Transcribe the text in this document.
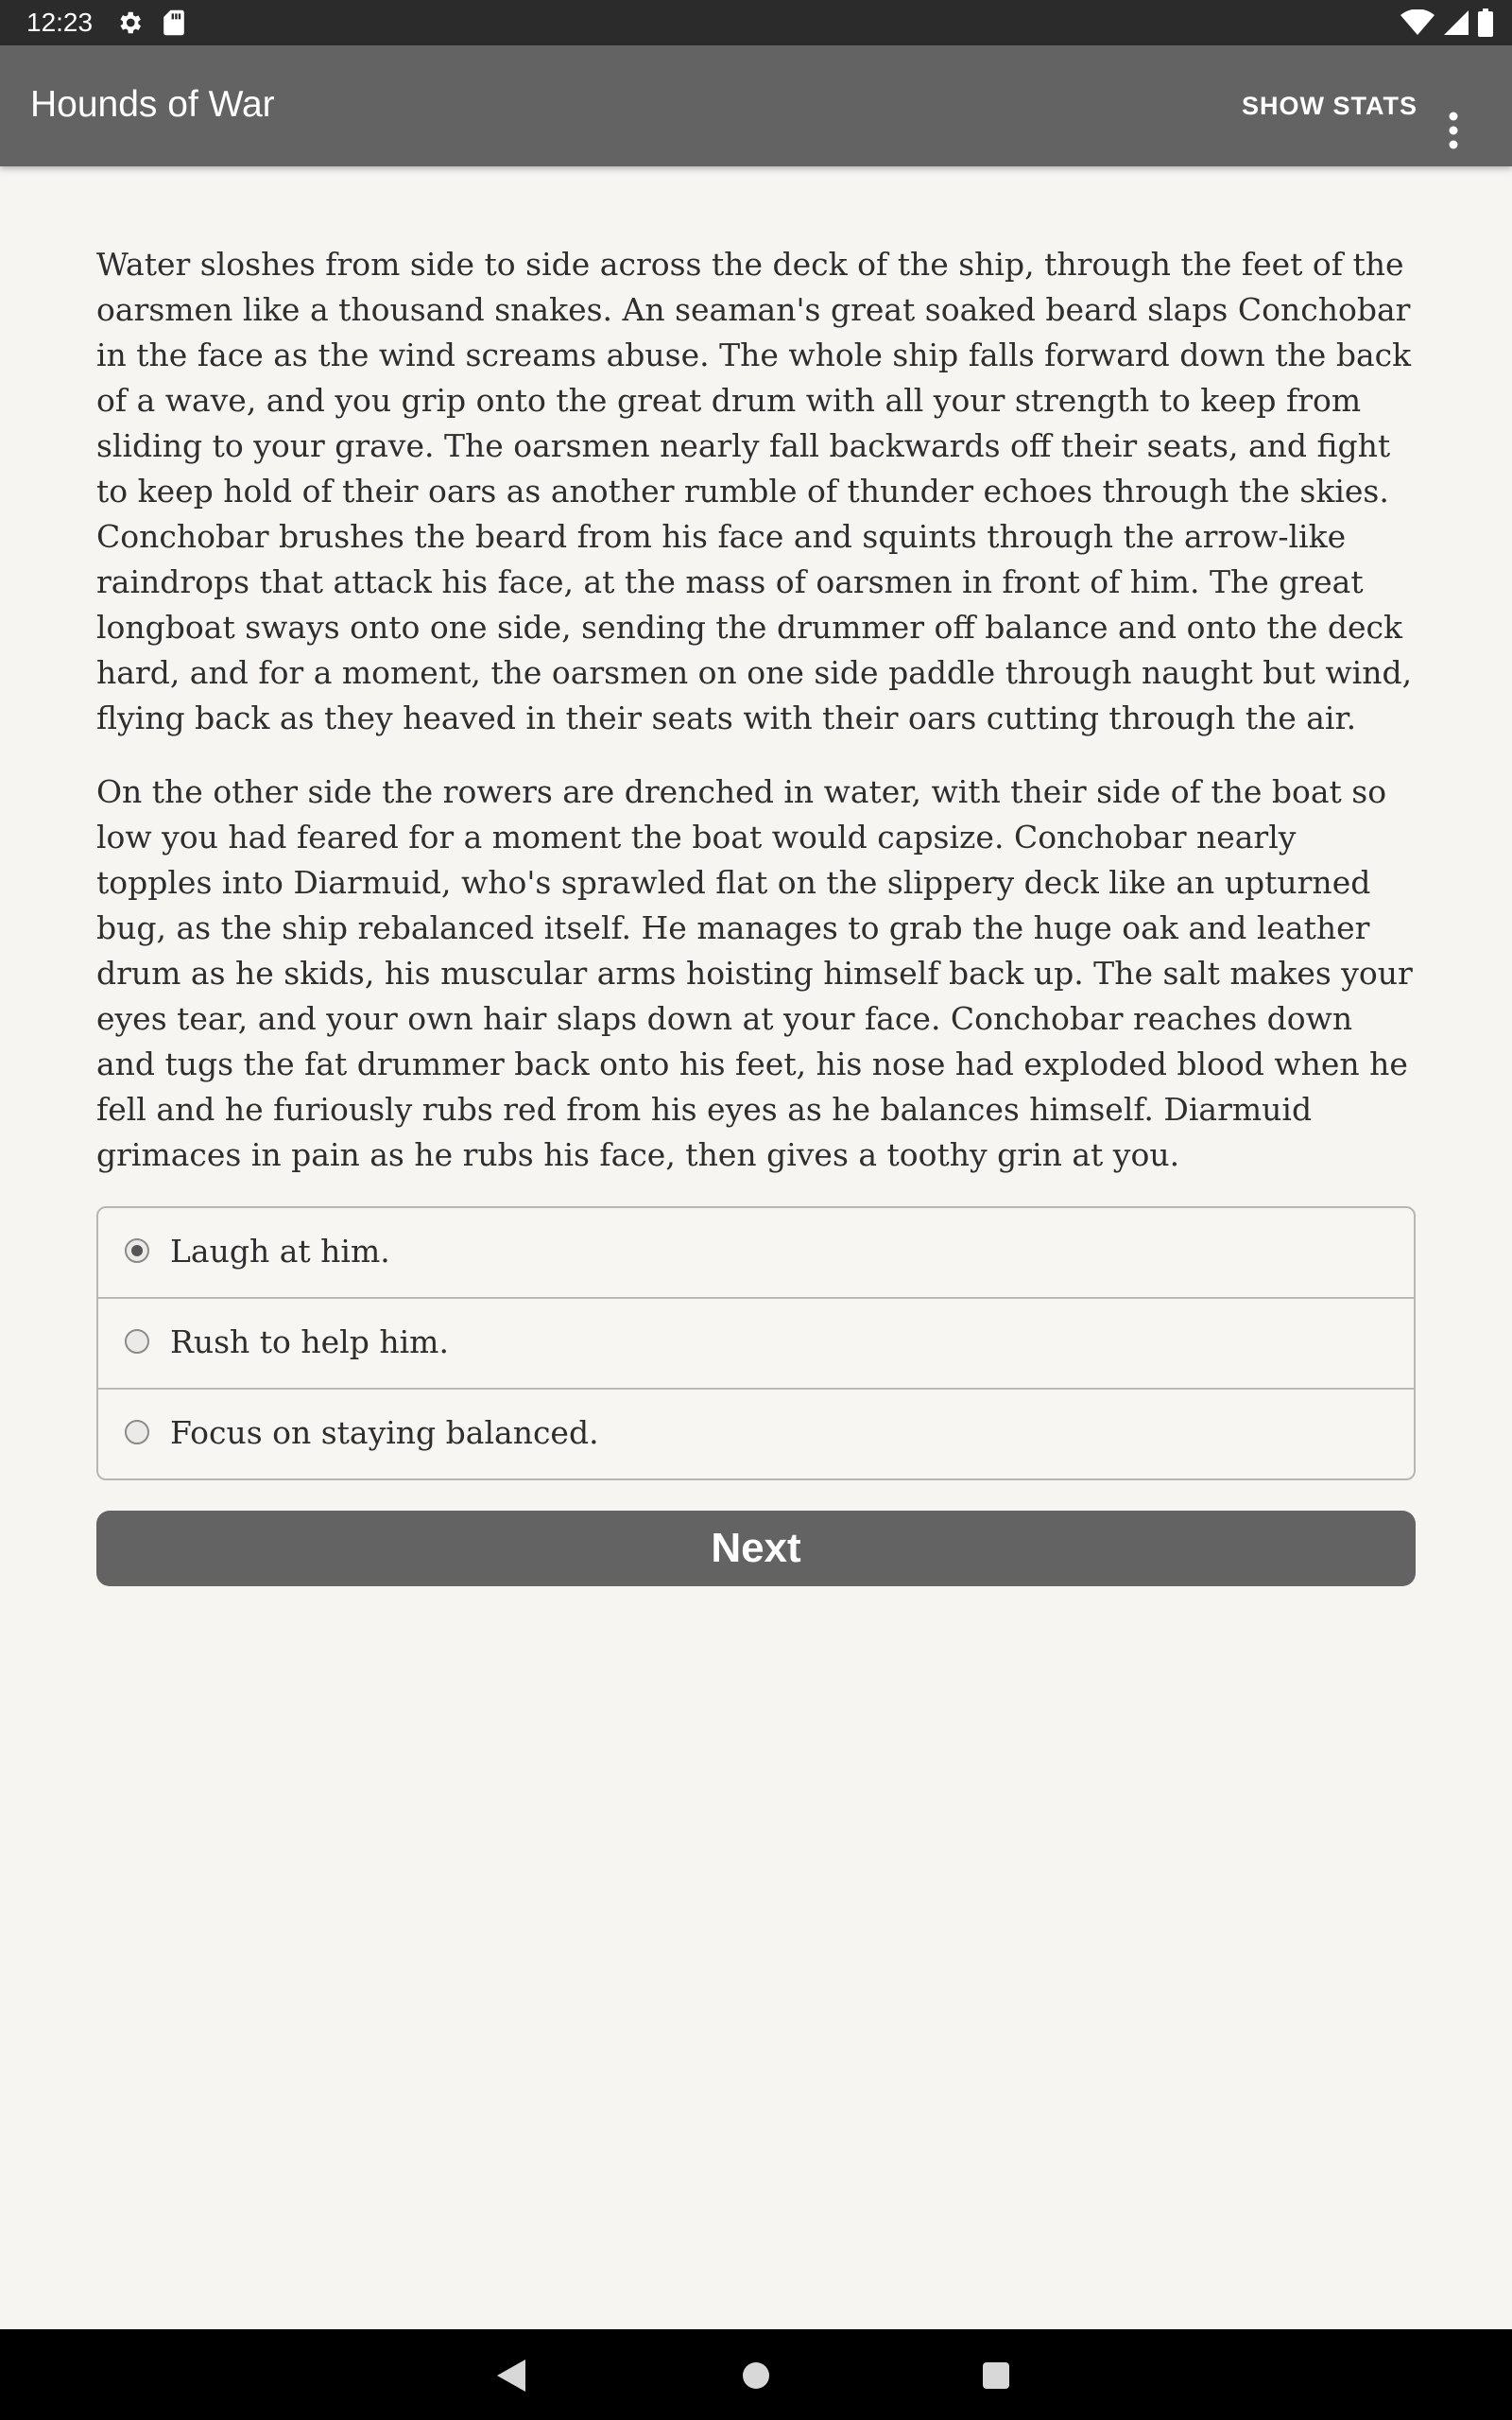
12:23
Hounds of War	SHOW STATS

Water sloshes from side to side across the deck of the ship, through the feet of the oarsmen like a thousand snakes. An seaman's great soaked beard slaps Conchobar in the face as the wind screams abuse. The whole ship falls forward down the back of a wave, and you grip onto the great drum with all your strength to keep from sliding to your grave. The oarsmen nearly fall backwards off their seats, and fight to keep hold of their oars as another rumble of thunder echoes through the skies. Conchobar brushes the beard from his face and squints through the arrow-like raindrops that attack his face, at the mass of oarsmen in front of him. The great longboat sways onto one side, sending the drummer off balance and onto the deck hard, and for a moment, the oarsmen on one side paddle through naught but wind, flying back as they heaved in their seats with their oars cutting through the air.

On the other side the rowers are drenched in water, with their side of the boat so low you had feared for a moment the boat would capsize. Conchobar nearly topples into Diarmuid, who's sprawled flat on the slippery deck like an upturned bug, as the ship rebalanced itself. He manages to grab the huge oak and leather drum as he skids, his muscular arms hoisting himself back up. The salt makes your eyes tear, and your own hair slaps down at your face. Conchobar reaches down and tugs the fat drummer back onto his feet, his nose had exploded blood when he fell and he furiously rubs red from his eyes as he balances himself. Diarmuid grimaces in pain as he rubs his face, then gives a toothy grin at you.

Laugh at him.
Rush to help him.
Focus on staying balanced.
Next
